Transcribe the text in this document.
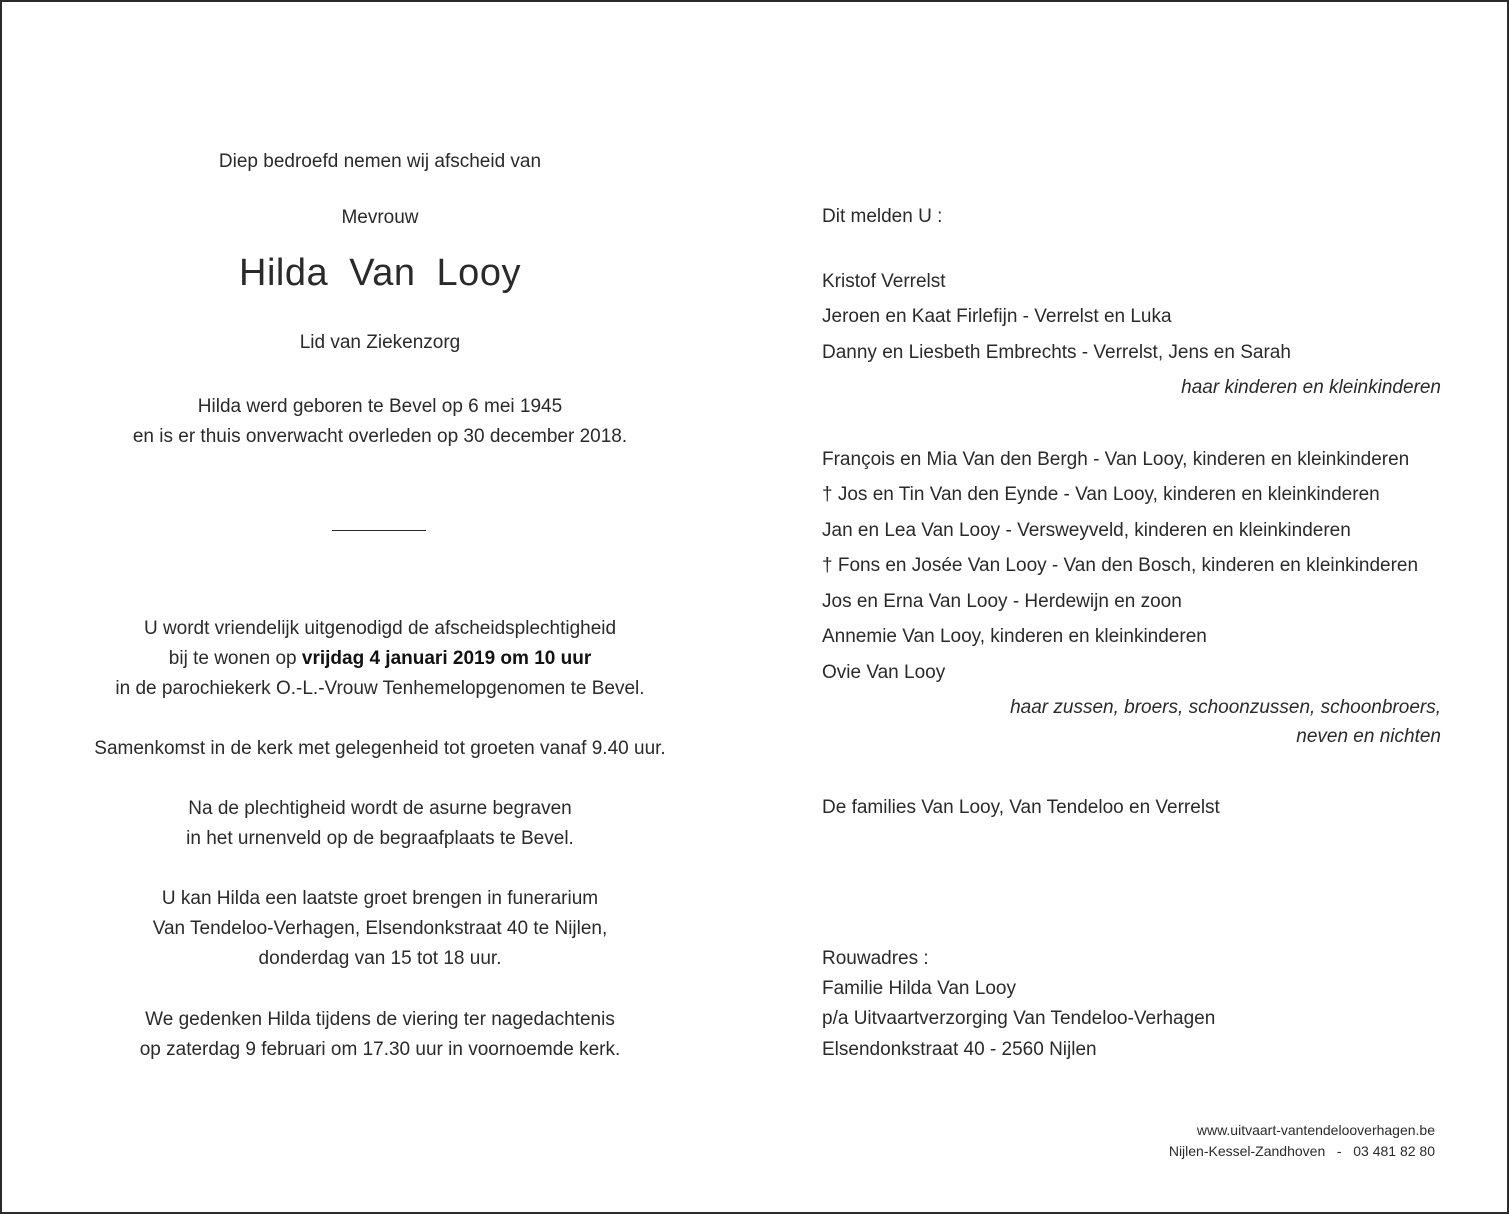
Diep bedroefd nemen wij afscheid van
Mevrouw
Hilda Van Looy
Lid van Ziekenzorg
Hilda werd geboren te Bevel op 6 mei 1945
en is er thuis onverwacht overleden op 30 december 2018.
U wordt vriendelijk uitgenodigd de afscheidsplechtigheid
bij te wonen op vrijdag 4 januari 2019 om 10 uur
in de parochiekerk O.-L.-Vrouw Tenhemelopgenomen te Bevel.
Samenkomst in de kerk met gelegenheid tot groeten vanaf 9.40 uur.
Na de plechtigheid wordt de asurne begraven
in het urnenveld op de begraafplaats te Bevel.
U kan Hilda een laatste groet brengen in funerarium
Van Tendeloo-Verhagen, Elsendonkstraat 40 te Nijlen,
donderdag van 15 tot 18 uur.
We gedenken Hilda tijdens de viering ter nagedachtenis
op zaterdag 9 februari om 17.30 uur in voornoemde kerk.
Dit melden U :
Kristof Verrelst
Jeroen en Kaat Firlefijn - Verrelst en Luka
Danny en Liesbeth Embrechts - Verrelst, Jens en Sarah
haar kinderen en kleinkinderen
François en Mia Van den Bergh - Van Looy, kinderen en kleinkinderen
† Jos en Tin Van den Eynde - Van Looy, kinderen en kleinkinderen
Jan en Lea Van Looy - Versweyveld, kinderen en kleinkinderen
† Fons en Josée Van Looy - Van den Bosch, kinderen en kleinkinderen
Jos en Erna Van Looy - Herdewijn en zoon
Annemie Van Looy, kinderen en kleinkinderen
Ovie Van Looy
haar zussen, broers, schoonzussen, schoonbroers,
neven en nichten
De families Van Looy, Van Tendeloo en Verrelst
Rouwadres :
Familie Hilda Van Looy
p/a Uitvaartverzorging Van Tendeloo-Verhagen
Elsendonkstraat 40 - 2560 Nijlen
www.uitvaart-vantendelooverhagen.be
Nijlen-Kessel-Zandhoven   -   03 481 82 80
